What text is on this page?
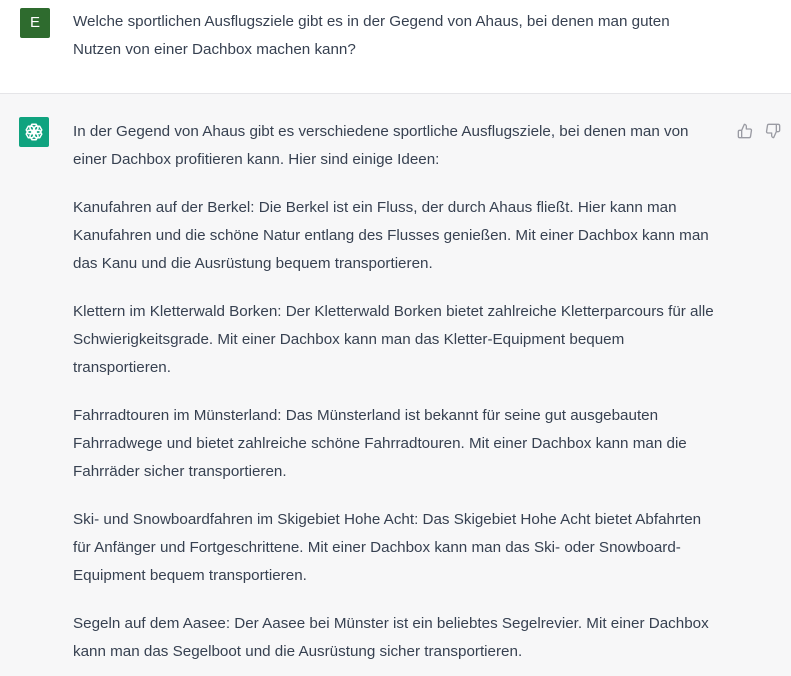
E	Welche sportlichen Ausflugsziele gibt es in der Gegend von Ahaus, bei denen man guten Nutzen von einer Dachbox machen kann?

In der Gegend von Ahaus gibt es verschiedene sportliche Ausflugsziele, bei denen man von einer Dachbox profitieren kann. Hier sind einige Ideen:

Kanufahren auf der Berkel: Die Berkel ist ein Fluss, der durch Ahaus fließt. Hier kann man Kanufahren und die schöne Natur entlang des Flusses genießen. Mit einer Dachbox kann man das Kanu und die Ausrüstung bequem transportieren.

Klettern im Kletterwald Borken: Der Kletterwald Borken bietet zahlreiche Kletterparcours für alle Schwierigkeitsgrade. Mit einer Dachbox kann man das Kletter-Equipment bequem transportieren.

Fahrradtouren im Münsterland: Das Münsterland ist bekannt für seine gut ausgebauten Fahrradwege und bietet zahlreiche schöne Fahrradtouren. Mit einer Dachbox kann man die Fahrräder sicher transportieren.

Ski- und Snowboardfahren im Skigebiet Hohe Acht: Das Skigebiet Hohe Acht bietet Abfahrten für Anfänger und Fortgeschrittene. Mit einer Dachbox kann man das Ski- oder Snowboard-Equipment bequem transportieren.

Segeln auf dem Aasee: Der Aasee bei Münster ist ein beliebtes Segelrevier. Mit einer Dachbox kann man das Segelboot und die Ausrüstung sicher transportieren.
